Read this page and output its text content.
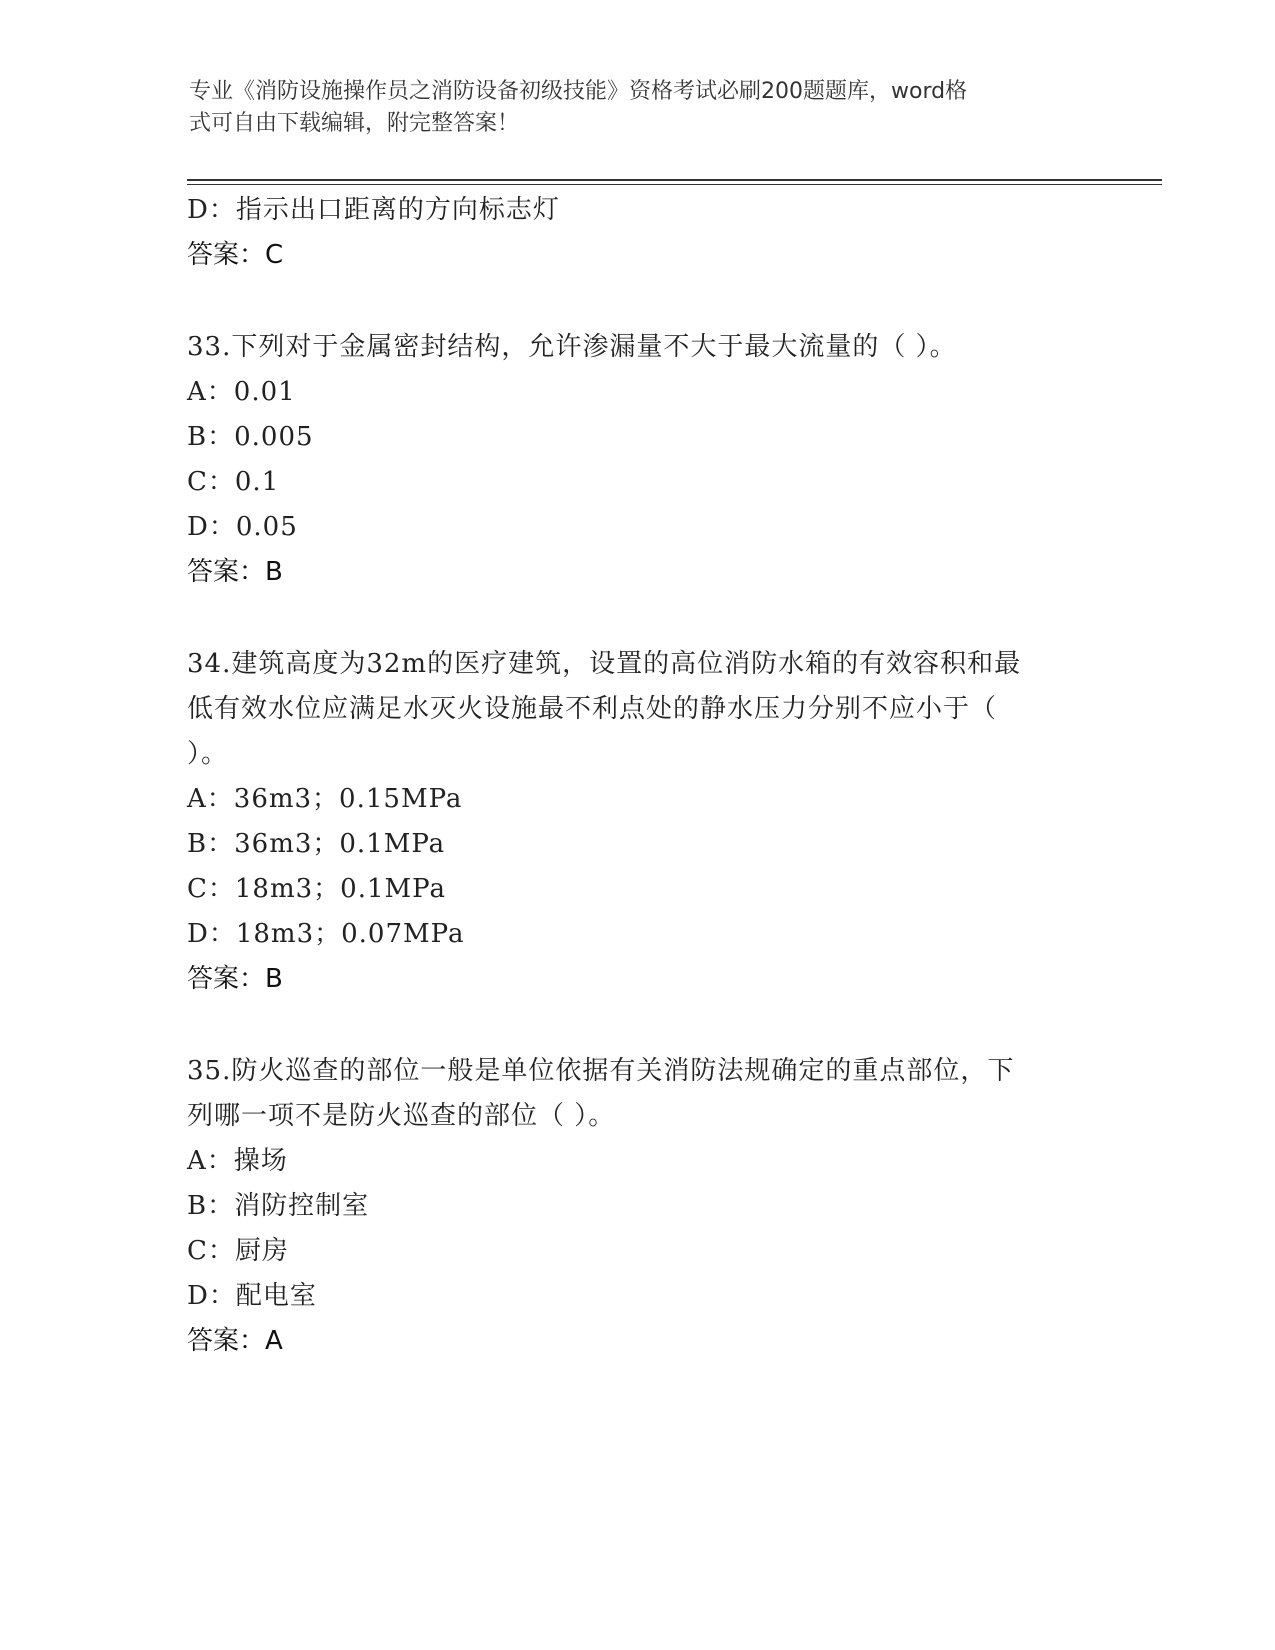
专业《消防设施操作员之消防设备初级技能》资格考试必刷200题题库，word格
式可自由下载编辑，附完整答案！
D：指示出口距离的方向标志灯
答案：C
33.下列对于金属密封结构，允许渗漏量不大于最大流量的（ ）。
A：0.01
B：0.005
C：0.1
D：0.05
答案：B
34.建筑高度为32m的医疗建筑，设置的高位消防水箱的有效容积和最
低有效水位应满足水灭火设施最不利点处的静水压力分别不应小于（
）。
A：36m3；0.15MPa
B：36m3；0.1MPa
C：18m3；0.1MPa
D：18m3；0.07MPa
答案：B
35.防火巡查的部位一般是单位依据有关消防法规确定的重点部位，下
列哪一项不是防火巡查的部位（ ）。
A：操场
B：消防控制室
C：厨房
D：配电室
答案：A
